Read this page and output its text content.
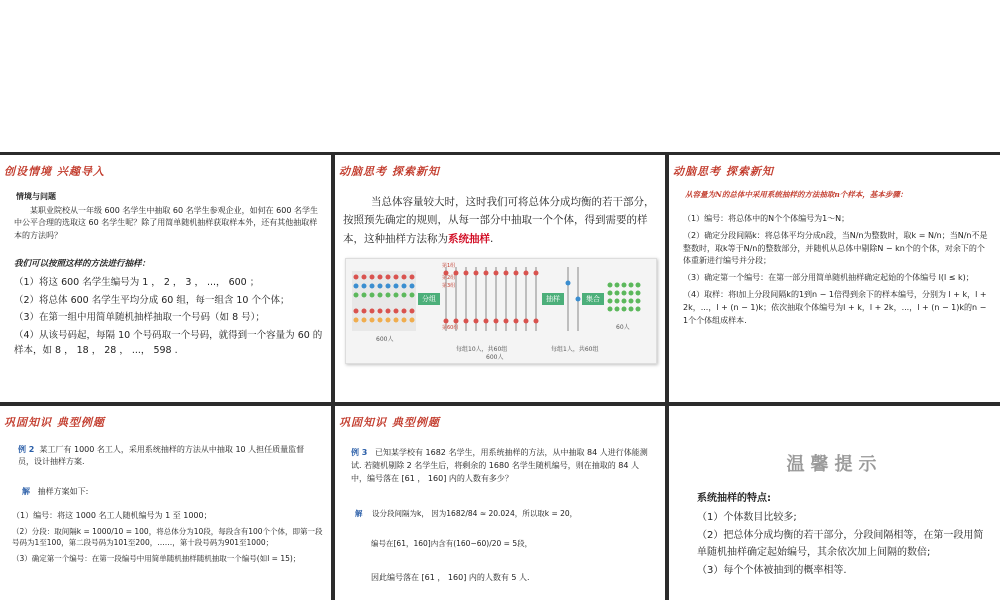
创设情境 兴趣导入
情境与问题
某职业院校从一年级 600 名学生中抽取 60 名学生参观企业，如何在 600 名学生中公平合理的选取这 60 名学生呢？除了用简单随机抽样获取样本外，还有其他抽取样本的方法吗？
我们可以按照这样的方法进行抽样：

（1）将这 600 名学生编号为 1 ， 2 ， 3 ， ...， 600 ；

（2）将总体 600 名学生平均分成 60 组，每一组含 10 个个体；

（3）在第一组中用简单随机抽样抽取一个号码（如 8 号）；

（4）从该号码起，每隔 10 个号码取一个号码，就得到一个容量为 60 的样本，如 8 ， 18 ， 28 ， ...， 598 .

动脑思考 探索新知
当总体容量较大时，这时我们可将总体分成均衡的若干部分，按照预先确定的规则，从每一部分中抽取一个个体，得到需要的样本，这种抽样方法称为系统抽样.
第1组
第2组
第3组
第60组
600人
每组10人，共60组	每组1人，共60组
60人
600人
分组	抽样	集合
动脑思考 探索新知
从容量为N的总体中采用系统抽样的方法抽取n个样本，基本步骤：

（1）编号：将总体中的N个个体编号为1～N；

（2）确定分段间隔k：将总体平均分成n段，当N/n为整数时，取k = N/n；当N/n不是整数时，取k等于N/n的整数部分，并随机从总体中剔除N − kn个的个体，对余下的个体重新进行编号并分段；

（3）确定第一个编号：在第一部分用简单随机抽样确定起始的个体编号 l(l ≤ k)；

（4）取样：将l加上分段间隔k的1到n − 1倍得到余下的样本编号，分别为 l + k，l + 2k，...，l + (n − 1)k；依次抽取个体编号为l + k，l + 2k，...，l + (n − 1)k的n − 1个个体组成样本.

巩固知识 典型例题
例 2 某工厂有 1000 名工人，采用系统抽样的方法从中抽取 10 人担任质量监督员，设计抽样方案.
解 抽样方案如下:

（1）编号：将这 1000 名工人随机编号为 1 至 1000；

（2）分段：取间隔k = 1000/10 = 100，将总体分为10段，每段含有100个个体，即第一段号码为1至100，第二段号码为101至200，……，第十段号码为901至1000；

（3）确定第一个编号：在第一段编号中用简单随机抽样随机抽取一个编号(如l = 15)；

巩固知识 典型例题
例 3 已知某学校有 1682 名学生，用系统抽样的方法，从中抽取 84 人进行体能测试. 若随机剔除 2 名学生后，将剩余的 1680 名学生随机编号，则在抽取的 84 人中，编号落在 [61 ， 160] 内的人数有多少？
解 设分段间隔为k， 因为1682/84 ≈ 20.024，所以取k = 20，
编号在[61，160]内含有(160−60)/20 = 5段，
因此编号落在 [61 ， 160] 内的人数有 5 人.
温馨提示
系统抽样的特点:

（1）个体数目比较多;

（2）把总体分成均衡的若干部分，分段间隔相等，在第一段用简单随机抽样确定起始编号，其余依次加上间隔的数倍;

（3）每个个体被抽到的概率相等.
